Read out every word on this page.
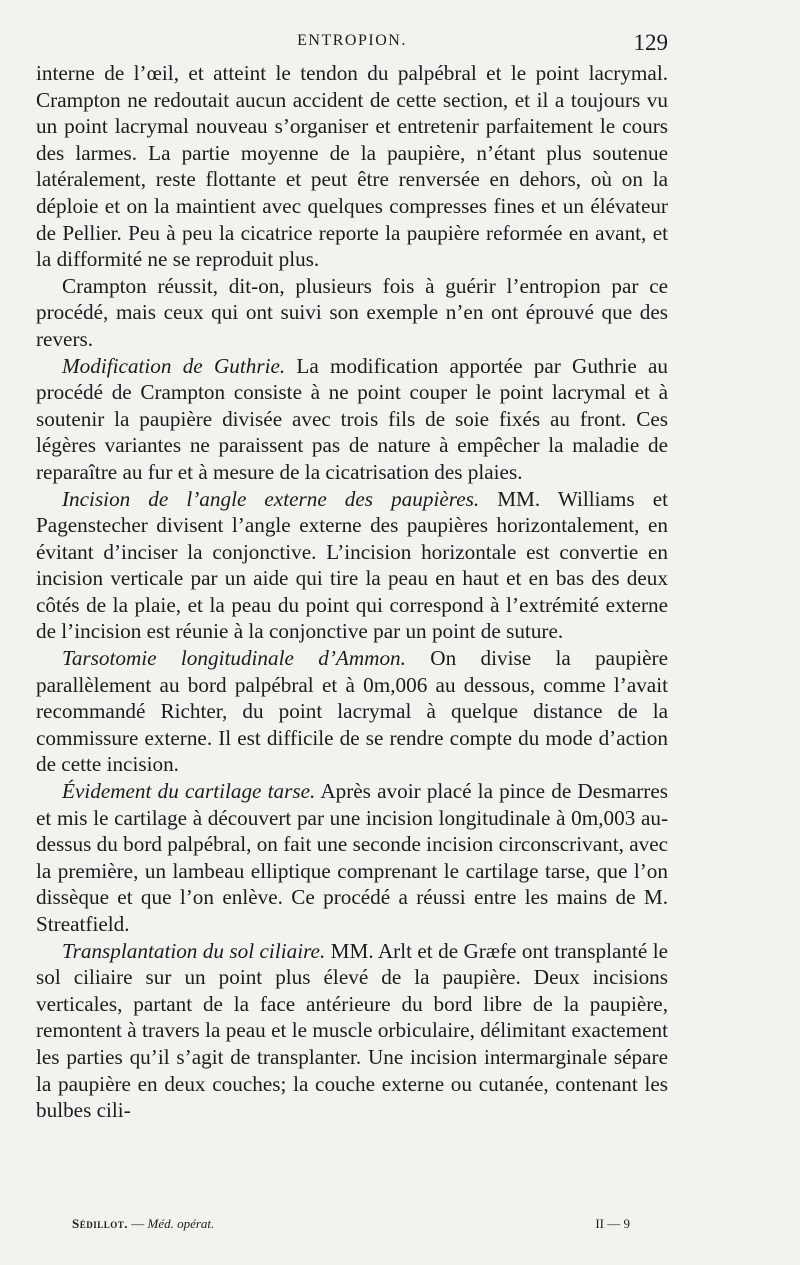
ENTROPION.	129

interne de l’œil, et atteint le tendon du palpébral et le point lacrymal. Crampton ne redoutait aucun accident de cette section, et il a toujours vu un point lacrymal nouveau s’organiser et entretenir parfaitement le cours des larmes. La partie moyenne de la paupière, n’étant plus soutenue latéralement, reste flottante et peut être renversée en dehors, où on la déploie et on la maintient avec quelques compresses fines et un élévateur de Pellier. Peu à peu la cicatrice reporte la paupière reformée en avant, et la difformité ne se reproduit plus.

Crampton réussit, dit-on, plusieurs fois à guérir l’entropion par ce procédé, mais ceux qui ont suivi son exemple n’en ont éprouvé que des revers.

Modification de Guthrie. La modification apportée par Guthrie au procédé de Crampton consiste à ne point couper le point lacrymal et à soutenir la paupière divisée avec trois fils de soie fixés au front. Ces légères variantes ne paraissent pas de nature à empêcher la maladie de reparaître au fur et à mesure de la cicatrisation des plaies.

Incision de l’angle externe des paupières. MM. Williams et Pagenstecher divisent l’angle externe des paupières horizontalement, en évitant d’inciser la conjonctive. L’incision horizontale est convertie en incision verticale par un aide qui tire la peau en haut et en bas des deux côtés de la plaie, et la peau du point qui correspond à l’extrémité externe de l’incision est réunie à la conjonctive par un point de suture.

Tarsotomie longitudinale d’Ammon. On divise la paupière parallèlement au bord palpébral et à 0m,006 au dessous, comme l’avait recommandé Richter, du point lacrymal à quelque distance de la commissure externe. Il est difficile de se rendre compte du mode d’action de cette incision.

Évidement du cartilage tarse. Après avoir placé la pince de Desmarres et mis le cartilage à découvert par une incision longitudinale à 0m,003 au-dessus du bord palpébral, on fait une seconde incision circonscrivant, avec la première, un lambeau elliptique comprenant le cartilage tarse, que l’on dissèque et que l’on enlève. Ce procédé a réussi entre les mains de M. Streatfield.

Transplantation du sol ciliaire. MM. Arlt et de Græfe ont transplanté le sol ciliaire sur un point plus élevé de la paupière. Deux incisions verticales, partant de la face antérieure du bord libre de la paupière, remontent à travers la peau et le muscle orbiculaire, délimitant exactement les parties qu’il s’agit de transplanter. Une incision intermarginale sépare la paupière en deux couches; la couche externe ou cutanée, contenant les bulbes cili-

Sédillot. — Méd. opérat.	II — 9
